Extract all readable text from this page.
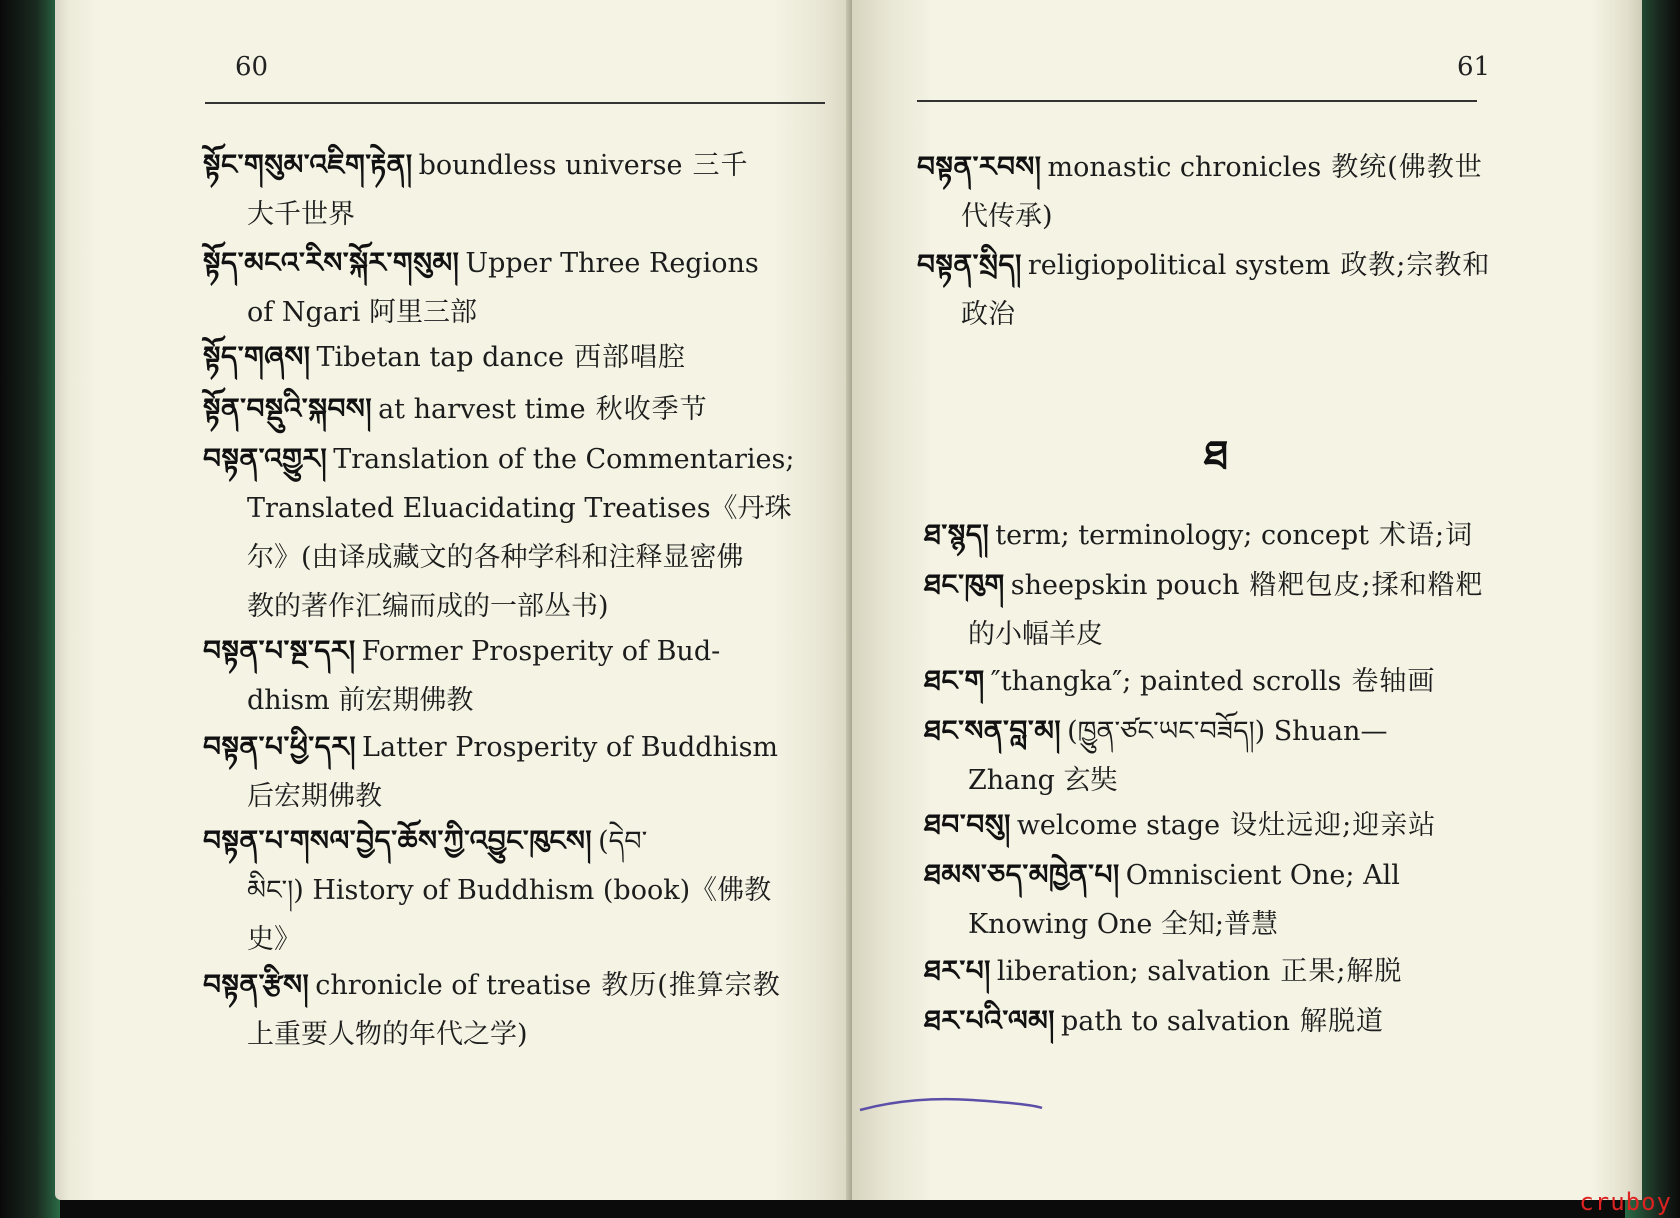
60
སྟོང་གསུམ་འཇིག་རྟེན། boundless universe 三千
大千世界
སྟོད་མངའ་རིས་སྐོར་གསུམ། Upper Three Regions
of Ngari 阿里三部
སྟོད་གཞས། Tibetan tap dance 西部唱腔
སྟོན་བསྡུའི་སྐབས། at harvest time 秋收季节
བསྟན་འགྱུར། Translation of the Commentaries;
Translated Eluacidating Treatises《丹珠
尔》(由译成藏文的各种学科和注释显密佛
教的著作汇编而成的一部丛书)
བསྟན་པ་སྔ་དར། Former Prosperity of Bud-
dhism 前宏期佛教
བསྟན་པ་ཕྱི་དར། Latter Prosperity of Buddhism
后宏期佛教
བསྟན་པ་གསལ་བྱེད་ཆོས་ཀྱི་འབྱུང་ཁུངས། (དེབ་
མིང་།) History of Buddhism (book)《佛教
史》
བསྟན་རྩིས། chronicle of treatise 教历(推算宗教
上重要人物的年代之学)
61
བསྟན་རབས། monastic chronicles 教统(佛教世
代传承)
བསྟན་སྲིད། religiopolitical system 政教;宗教和
政治
ཐ
ཐ་སྙད། term; terminology; concept 术语;词
ཐང་ཁུག sheepskin pouch 糌粑包皮;揉和糌粑
的小幅羊皮
ཐང་ག ″thangka″; painted scrolls 卷轴画
ཐང་སན་བླ་མ། (ཁྱུན་ཙང་ཡང་བཟོད།) Shuan—
Zhang 玄奘
ཐབ་བསུ། welcome stage 设灶远迎;迎亲站
ཐམས་ཅད་མཁྱེན་པ། Omniscient One; All
Knowing One 全知;普慧
ཐར་པ། liberation; salvation 正果;解脱
ཐར་པའི་ལམ། path to salvation 解脱道
cruboy
